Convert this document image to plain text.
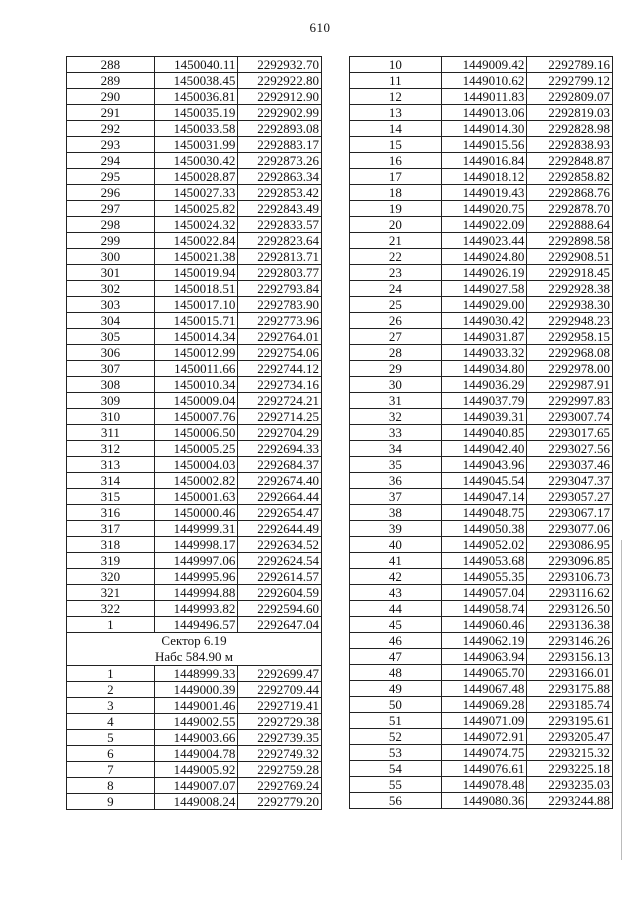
610
288	1450040.11	2292932.70
289	1450038.45	2292922.80
290	1450036.81	2292912.90
291	1450035.19	2292902.99
292	1450033.58	2292893.08
293	1450031.99	2292883.17
294	1450030.42	2292873.26
295	1450028.87	2292863.34
296	1450027.33	2292853.42
297	1450025.82	2292843.49
298	1450024.32	2292833.57
299	1450022.84	2292823.64
300	1450021.38	2292813.71
301	1450019.94	2292803.77
302	1450018.51	2292793.84
303	1450017.10	2292783.90
304	1450015.71	2292773.96
305	1450014.34	2292764.01
306	1450012.99	2292754.06
307	1450011.66	2292744.12
308	1450010.34	2292734.16
309	1450009.04	2292724.21
310	1450007.76	2292714.25
311	1450006.50	2292704.29
312	1450005.25	2292694.33
313	1450004.03	2292684.37
314	1450002.82	2292674.40
315	1450001.63	2292664.44
316	1450000.46	2292654.47
317	1449999.31	2292644.49
318	1449998.17	2292634.52
319	1449997.06	2292624.54
320	1449995.96	2292614.57
321	1449994.88	2292604.59
322	1449993.82	2292594.60
1	1449496.57	2292647.04

Сектор 6.19
Набс 584.90 м		

1	1448999.33	2292699.47
2	1449000.39	2292709.44
3	1449001.46	2292719.41
4	1449002.55	2292729.38
5	1449003.66	2292739.35
6	1449004.78	2292749.32
7	1449005.92	2292759.28
8	1449007.07	2292769.24
9	1449008.24	2292779.20
10	1449009.42	2292789.16
11	1449010.62	2292799.12
12	1449011.83	2292809.07
13	1449013.06	2292819.03
14	1449014.30	2292828.98
15	1449015.56	2292838.93
16	1449016.84	2292848.87
17	1449018.12	2292858.82
18	1449019.43	2292868.76
19	1449020.75	2292878.70
20	1449022.09	2292888.64
21	1449023.44	2292898.58
22	1449024.80	2292908.51
23	1449026.19	2292918.45
24	1449027.58	2292928.38
25	1449029.00	2292938.30
26	1449030.42	2292948.23
27	1449031.87	2292958.15
28	1449033.32	2292968.08
29	1449034.80	2292978.00
30	1449036.29	2292987.91
31	1449037.79	2292997.83
32	1449039.31	2293007.74
33	1449040.85	2293017.65
34	1449042.40	2293027.56
35	1449043.96	2293037.46
36	1449045.54	2293047.37
37	1449047.14	2293057.27
38	1449048.75	2293067.17
39	1449050.38	2293077.06
40	1449052.02	2293086.95
41	1449053.68	2293096.85
42	1449055.35	2293106.73
43	1449057.04	2293116.62
44	1449058.74	2293126.50
45	1449060.46	2293136.38
46	1449062.19	2293146.26
47	1449063.94	2293156.13
48	1449065.70	2293166.01
49	1449067.48	2293175.88
50	1449069.28	2293185.74
51	1449071.09	2293195.61
52	1449072.91	2293205.47
53	1449074.75	2293215.32
54	1449076.61	2293225.18
55	1449078.48	2293235.03
56	1449080.36	2293244.88
